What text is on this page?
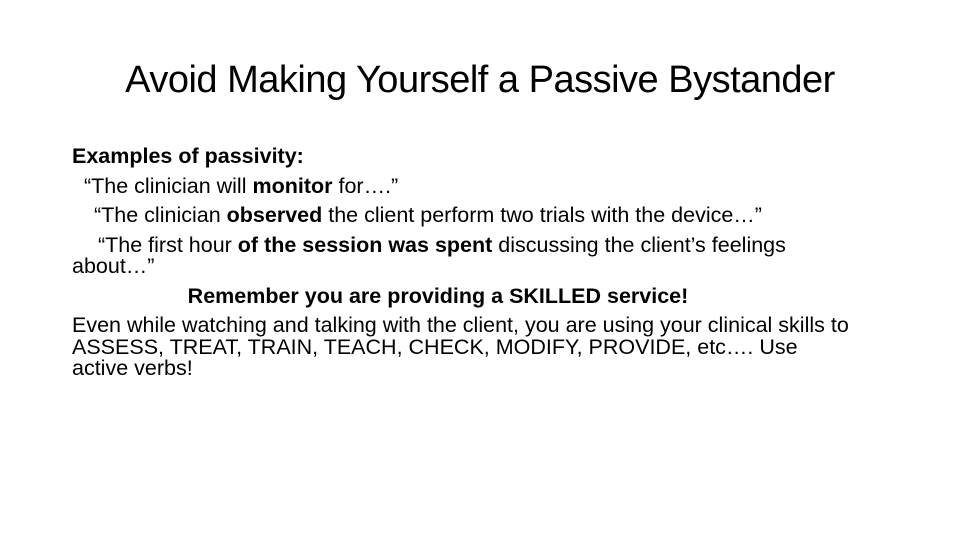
Avoid Making Yourself a Passive Bystander

Examples of passivity:

“The clinician will monitor for….”

“The clinician observed the client perform two trials with the device…”

“The first hour of the session was spent discussing the client’s feelings about…”

Remember you are providing a SKILLED service!

Even while watching and talking with the client, you are using your clinical skills to ASSESS, TREAT, TRAIN, TEACH, CHECK, MODIFY, PROVIDE, etc…. Use active verbs!
